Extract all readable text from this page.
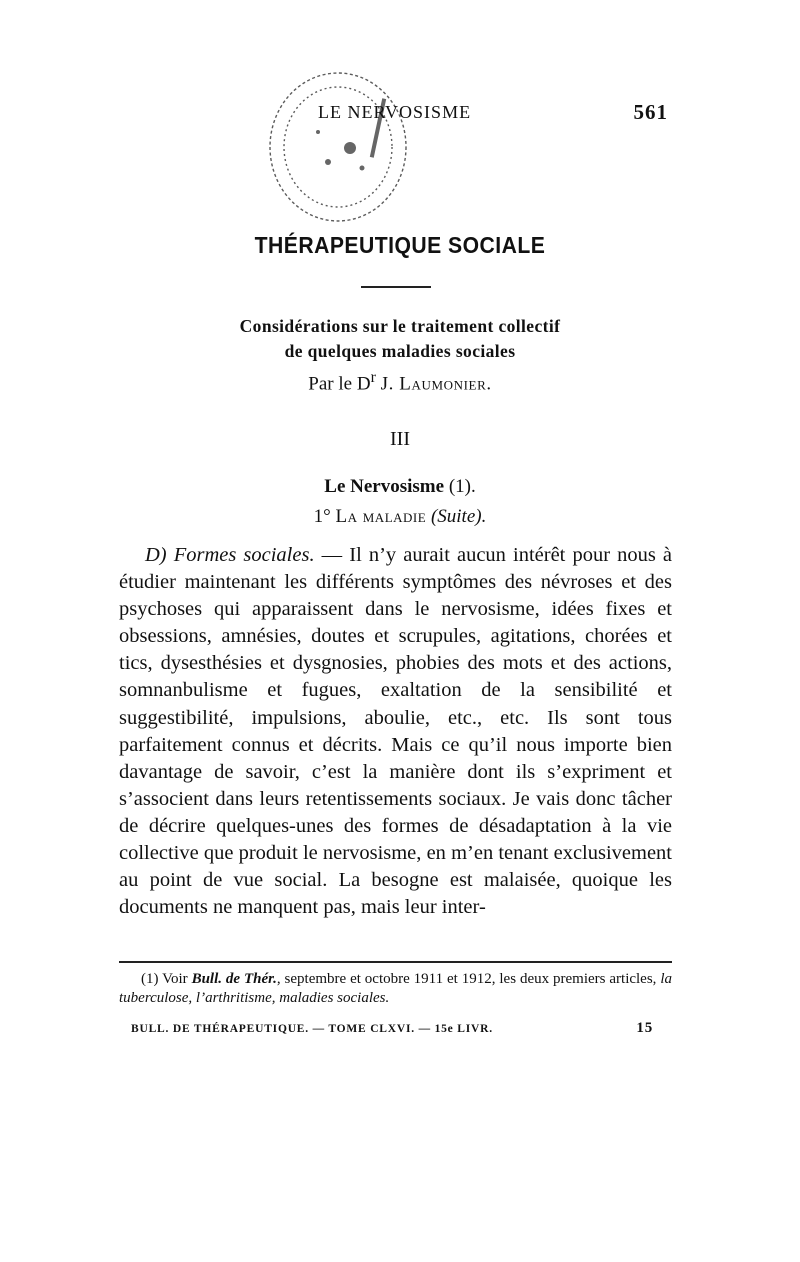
LE NERVOSISME	561
THÉRAPEUTIQUE SOCIALE
Considérations sur le traitement collectif
de quelques maladies sociales
Par le $D^r$ J. Laumonier.
III
Le Nervosisme (1).
1° La maladie (Suite).

D) Formes sociales. — Il n’y aurait aucun intérêt pour nous à étudier maintenant les différents symptômes des névroses et des psychoses qui apparaissent dans le nervosisme, idées fixes et obsessions, amnésies, doutes et scrupules, agitations, chorées et tics, dysesthésies et dysgnosies, phobies des mots et des actions, somnanbulisme et fugues, exaltation de la sensibilité et suggestibilité, impulsions, aboulie, etc., etc. Ils sont tous parfaitement connus et décrits. Mais ce qu’il nous importe bien davantage de savoir, c’est la manière dont ils s’expriment et s’associent dans leurs retentissements sociaux. Je vais donc tâcher de décrire quelques-unes des formes de désadaptation à la vie collective que produit le nervosisme, en m’en tenant exclusivement au point de vue social. La besogne est malaisée, quoique les documents ne manquent pas, mais leur inter-

(1) Voir Bull. de Thér., septembre et octobre 1911 et 1912, les deux premiers articles, la tuberculose, l’arthritisme, maladies sociales.

BULL. DE THÉRAPEUTIQUE. — TOME CLXVI. — 15e LIVR.	15
